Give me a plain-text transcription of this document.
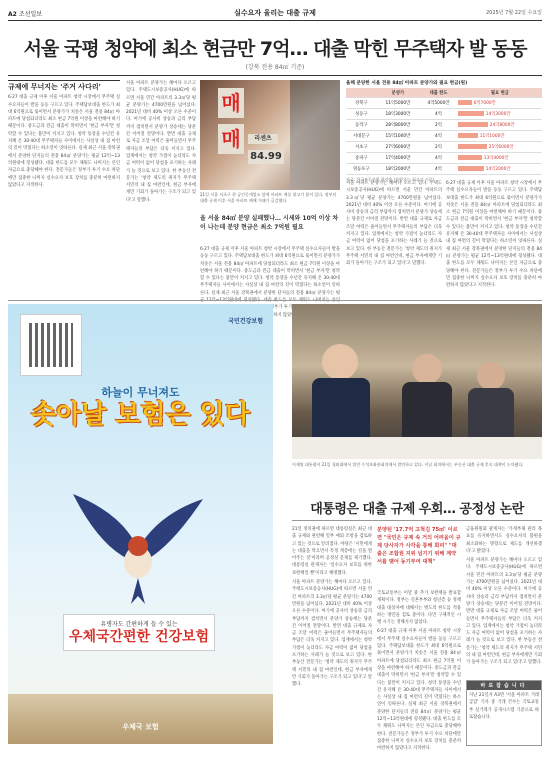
A2 조선일보	실수요자 울리는 대출 규제	2025년 7월 22일 수요일
서울 국평 청약에 최소 현금만 7억… 대출 막힌 무주택자 발 동동
(강북 전용 84㎡ 기준)
규제에 무너지는 '주거 사다리'

6·27 대출 규제 이후 서울 아파트 청약 시장에서 무주택 실수요자들이 발을 동동 구르고 있다. 주택담보대출 한도가 최대 6억원으로 묶이면서 분양가가 치솟은 서울 전용 84㎡ 아파트에 당첨되더라도 최소 현금 7억원 이상을 마련해야 하기 때문이다. 중도금과 잔금 대출이 막히면서 '현금 부자'만 청약할 수 있다는 불만이 커지고 있다. 청약 통장을 수년간 유지해 온 30·40대 무주택자들 사이에서는 사실상 내 집 마련의 길이 막혔다는 하소연이 잇따른다. 실제 최근 서울 강북권에서 분양한 단지들의 전용 84㎡ 분양가는 평균 12억~13억원대에 형성됐다. 대출 한도를 모두 채워도 나머지는 본인 자금으로 충당해야 한다. 전문가들은 정부가 투기 수요 차단에만 집중한 나머지 실수요자 보호 장치를 충분히 마련하지 않았다고 지적한다.

서울 아파트 분양가는 해마다 오르고 있다. 주택도시보증공사(HUG)에 따르면 서울 민간 아파트의 3.3㎡당 평균 분양가는 4700만원을 넘어섰다. 2021년 대비 40% 이상 오른 수준이다. 여기에 공사비 상승과 금리 부담까지 겹치면서 분양가 상승세는 당분간 이어질 전망이다. 반면 대출 규제로 자금 조달 여력은 줄어들면서 무주택자들의 부담은 더욱 커지고 있다. 업계에서는 청약 가점이 높더라도 자금 여력이 없어 당첨을 포기하는 사례가 늘 것으로 보고 있다. 한 부동산 전문가는 '청약 제도의 취지가 무주택 서민의 내 집 마련인데, 현금 부자에게만 기회가 돌아가는 구조가 되고 있다'고 말했다.

매
매	리센츠
84.99
21일 서울 서초구 한 공인중개업소 앞에 아파트 매물 광고가 붙어 있다. 정부의 대출 규제 이후 서울 아파트 매매 거래가 급감했다.
올 서울 84㎡ 분양 실패했나… 시세와 10억 이상 차이 나는데 분양 현금은 최소 7억원 필요

6·27 대출 규제 이후 서울 아파트 청약 시장에서 무주택 실수요자들이 발을 동동 구르고 있다. 주택담보대출 한도가 최대 6억원으로 묶이면서 분양가가 치솟은 서울 전용 84㎡ 아파트에 당첨되더라도 최소 현금 7억원 이상을 마련해야 하기 때문이다. 중도금과 잔금 대출이 막히면서 '현금 부자'만 청약할 수 있다는 불만이 커지고 있다. 청약 통장을 수년간 유지해 온 30·40대 무주택자들 사이에서는 사실상 내 집 마련의 길이 막혔다는 하소연이 잇따른다. 실제 최근 서울 강북권에서 분양한 단지들의 전용 84㎡ 분양가는 평 정부가 투기 마련하지

올해 분양한 서울 전용 84㎡ 아파트 분양가와 필요 현금(원)
	분양가	대출 한도	필요 현금
강북구	11억5000만	4억5000만	6억7000만
성동구	18억3000만	4억	14억3000만
동작구	28억8000만	2억	24억8000만
서대문구	15억1000만	4억	11억1000만
서초구	27억6000만	2억	25억6000만
송파구	17억4000만	4억	13억4000만
영등포구	18억2000만	4억	14억2000만
자료: 한국부동산원 청약홈 (분양가는 최고가 기준)

서울 아파트 분양가는 해마다 오르고 있다. 주택도시보증공사(HUG)에 따르면 서울 민간 아파트의 3.3㎡당 평균 분양가는 4700만원을 넘어섰다. 2021년 대비 40% 이상 오른 수준이다. 여기에 공사비 상승과 금리 부담까지 겹치면서 분양가 상승세는 당분간 이어질 전망이다. 반면 대출 규제로 자금 조달 여력은 줄어들면서 무주택자들의 부담은 더욱 커지고 있다. 업계에서는 청약 가점이 높더라도 자금 여력이 없어 당첨을 포기하는 사례가 늘 것으로 보고 있다. 한 부동산 전문가는 '청약 제도의 취지가 무주택 서민의 내 집 마련인데, 현금 부자에게만 기회가 돌아가는 구조가 되고 있다'고 말했다.

6·27 대출 규제 이후 서울 아파트 청약 시장에서 무주택 실수요자들이 발을 동동 구르고 있다. 주택담보대출 한도가 최대 6억원으로 묶이면서 분양가가 치솟은 서울 전용 84㎡ 아파트에 당첨되더라도 최소 현금 7억원 이상을 마련해야 하기 때문이다. 중도금과 잔금 대출이 막히면서 '현금 부자'만 청약할 수 있다는 불만이 커지고 있다. 청약 통장을 수년간 유지해 온 30·40대 무주택자들 사이에서는 사실상 내 집 마련의 길이 막혔다는 하소연이 잇따른다. 실제 최근 서울 강북권에서 분양한 단지들의 전용 84㎡ 분양가는 평균 12억~13억원대에 형성됐다. 대출 한도를 모두 채워도 나머지는 본인 자금으로 충당해야 한다. 전문가들은 정부가 투기 수요 차단에만 집중한 나머지 실수요자 보호 장치를 충분히 마련하지 않았다고 지적한다.

국민건강보험
하늘이 무너져도
솟아날 보험은 있다
유병자도 간편하게 들 수 있는
우체국간편한 건강보험
우체국 보험
이재명 대통령이 21일 청와대에서 열린 수석보좌관회의에서 발언하고 있다. 이날 회의에서는 부동산 대출 규제 후속 대책이 논의됐다.
대통령은 대출 규제 우회… 공정성 논란

21일 정치권에 따르면 대통령실은 최근 대출 규제와 관련해 일부 예외 조항을 검토하고 있는 것으로 알려졌다. 야당은 '서민에게는 대출을 막으면서 특정 계층에는 길을 열어주는 것'이라며 공정성 문제를 제기했다. 대통령실 관계자는 '실수요자 보호를 위한 보완책일 뿐'이라고 해명했다.

서울 아파트 분양가는 해마다 오르고 있다. 주택도시보증공사(HUG)에 따르면 서울 민간 아파트의 3.3㎡당 평균 분양가는 4700만원을 넘어섰다. 2021년 대비 40% 이상 오른 수준이다. 여기에 공사비 상승과 금리 부담까지 겹치면서 분양가 상승세는 당분간 이어질 전망이다. 반면 대출 규제로 자금 조달 여력은 줄어들면서 무주택자들의 부담은 더욱 커지고 있다. 업계에서는 청약 가점이 높더라도 자금 여력이 없어 당첨을 포기하는 사례가 늘 것으로 보고 있다. 한 부동산 전문가는 '청약 제도의 취지가 무주택 서민의 내 집 마련인데, 현금 부자에게만 기회가 돌아가는 구조가 되고 있다'고 말했다.

분양된 '17.7억 고척김 75㎡' 이르면 "국민은 규제 속 거의 어려움이 규제 당사자가 사각을 통해 회피" "대출은 조합원 지위 넘기기 위해 계약서를 맺어 동기부여 대책"

국토교통부는 이달 중 추가 보완책을 발표할 계획이다. 정부는 신혼부부와 청년층 등 정책 대출 대상자에 대해서는 별도의 한도를 적용하는 방안을 검토 중이다. 다만 구체적인 시행 시기는 정해지지 않았다.

6·27 대출 규제 이후 서울 아파트 청약 시장에서 무주택 실수요자들이 발을 동동 구르고 있다. 주택담보대출 한도가 최대 6억원으로 묶이면서 분양가가 치솟은 서울 전용 84㎡ 아파트에 당첨되더라도 최소 현금 7억원 이상을 마련해야 하기 때문이다. 중도금과 잔금 대출이 막히면서 '현금 부자'만 청약할 수 있다는 불만이 커지고 있다. 청약 통장을 수년간 유지해 온 30·40대 무주택자들 사이에서는 사실상 내 집 마련의 길이 막혔다는 하소연이 잇따른다. 실제 최근 서울 강북권에서 분양한 단지들의 전용 84㎡ 분양가는 평균 12억~13억원대에 형성됐다. 대출 한도를 모두 채워도 나머지는 본인 자금으로 충당해야 한다. 전문가들은 정부가 투기 수요 차단에만 집중한 나머지 실수요자 보호 장치를 충분히 마련하지 않았다고 지적한다.

금융위원회 관계자는 '가계부채 관리 목표를 유지하면서도 실수요자의 불편을 최소화하는 방향으로 제도를 개선하겠다'고 밝혔다.

서울 아파트 분양가는 해마다 오르고 있다. 주택도시보증공사(HUG)에 따르면 서울 민간 아파트의 3.3㎡당 평균 분양가는 4700만원을 넘어섰다. 2021년 대비 40% 이상 오른 수준이다. 여기에 공사비 상승과 금리 부담까지 겹치면서 분양가 상승세는 당분간 이어질 전망이다. 반면 대출 규제로 자금 조달 여력은 줄어들면서 무주택자들의 부담은 더욱 커지고 있다. 업계에서는 청약 가점이 높더라도 자금 여력이 없어 당첨을 포기하는 사례가 늘 것으로 보고 있다. 한 부동산 전문가는 '청약 제도의 취지가 무주택 서민의 내 집 마련인데, 현금 부자에게만 기회가 돌아가는 구조가 되고 있다'고 말했다.

바로잡습니다
지난 21일자 A3면 '서울 아파트 거래 급감' 기사 중 거래 건수는 국토교통부 실거래가 공개시스템 기준으로 바로잡습니다.
